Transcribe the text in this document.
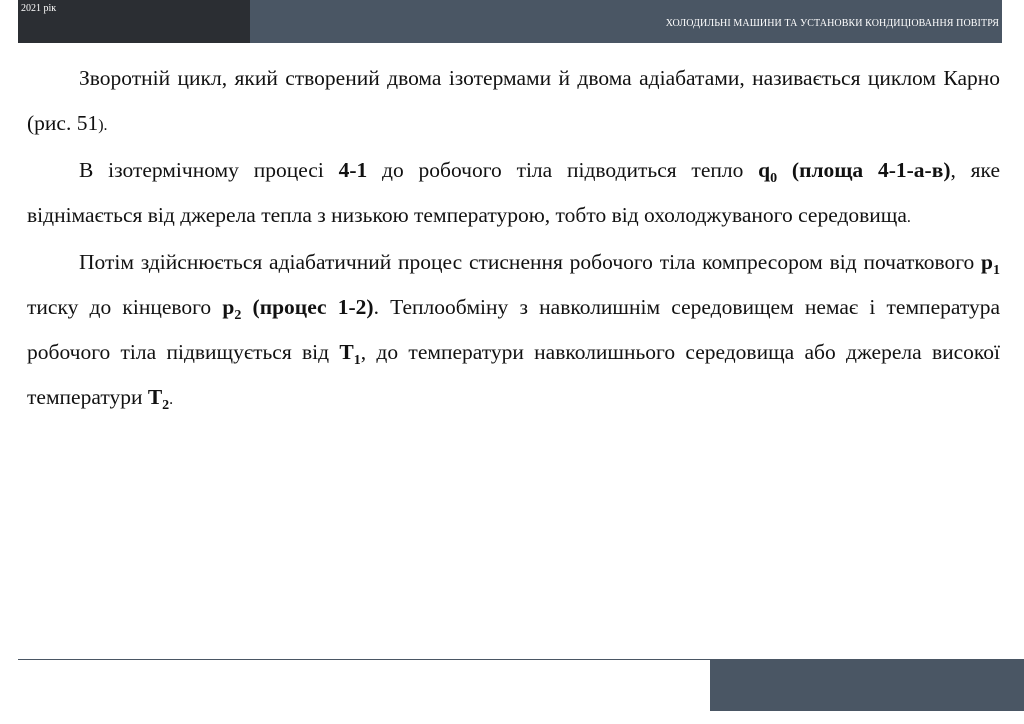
2021 рік
ХОЛОДИЛЬНІ МАШИНИ ТА УСТАНОВКИ КОНДИЦІОВАННЯ ПОВІТРЯ

Зворотній цикл, який створений двома ізотермами й двома адіабатами, називається циклом Карно (рис. 51).

В ізотермічному процесі 4-1 до робочого тіла підводиться тепло $q_0$ (площа 4-1-а-в), яке віднімається від джерела тепла з низькою температурою, тобто від охолоджуваного середовища.

Потім здійснюється адіабатичний процес стиснення робочого тіла компресором від початкового $p_1$ тиску до кінцевого $p_2$ (процес 1-2). Теплообміну з навколишнім середовищем немає і температура робочого тіла підвищується від $T_1$, до температури навколишнього середовища або джерела високої температури $T_2$.
